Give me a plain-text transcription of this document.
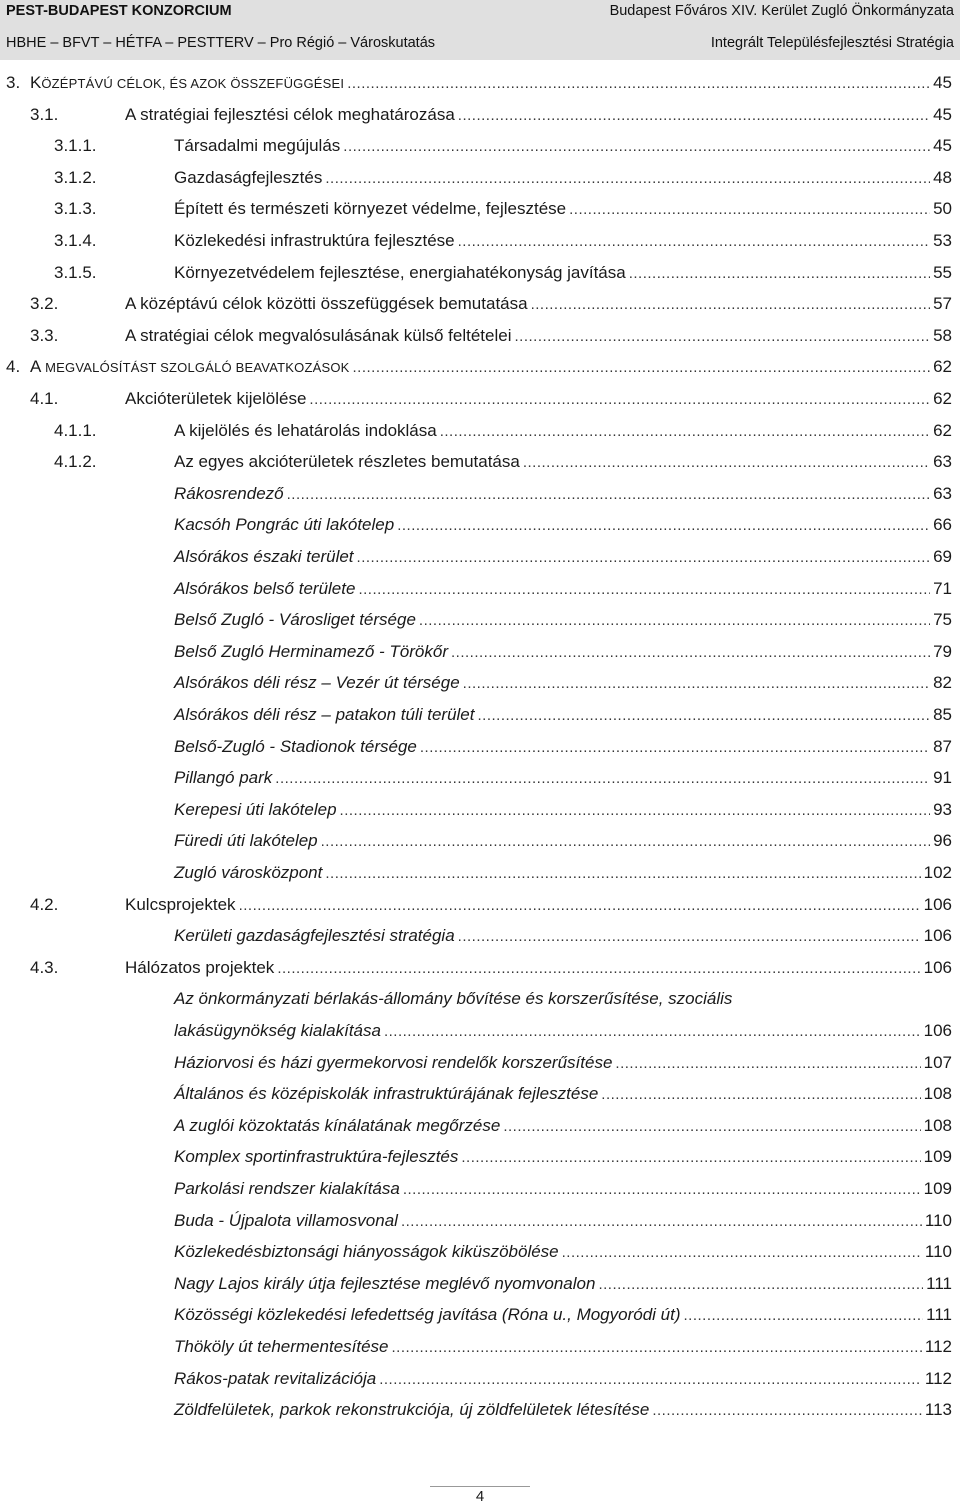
PEST-BUDAPEST KONZORCIUM	Budapest Főváros XIV. Kerület Zugló Önkormányzata
HBHE – BFVT – HÉTFA – PESTTERV – Pro Régió – Városkutatás	Integrált Településfejlesztési Stratégia
3. KÖZÉPTÁVÚ CÉLOK, ÉS AZOK ÖSSZEFÜGGÉSEI .....	45
3.1.	A stratégiai fejlesztési célok meghatározása .....	45
3.1.1.	Társadalmi megújulás .....	45
3.1.2.	Gazdaságfejlesztés .....	48
3.1.3.	Épített és természeti környezet védelme, fejlesztése .....	50
3.1.4.	Közlekedési infrastruktúra fejlesztése .....	53
3.1.5.	Környezetvédelem fejlesztése, energiahatékonyság javítása .....	55
3.2.	A középtávú célok közötti összefüggések bemutatása .....	57
3.3.	A stratégiai célok megvalósulásának külső feltételei .....	58
4. A MEGVALÓSÍTÁST SZOLGÁLÓ BEAVATKOZÁSOK .....	62
4.1.	Akcióterületek kijelölése .....	62
4.1.1.	A kijelölés és lehatárolás indoklása .....	62
4.1.2.	Az egyes akcióterületek részletes bemutatása .....	63
Rákosrendező .....	63
Kacsóh Pongrác úti lakótelep .....	66
Alsórákos északi terület .....	69
Alsórákos belső területe .....	71
Belső Zugló - Városliget térsége .....	75
Belső Zugló Herminamező - Törökőr .....	79
Alsórákos déli rész – Vezér út térsége .....	82
Alsórákos déli rész – patakon túli terület .....	85
Belső-Zugló - Stadionok térsége .....	87
Pillangó park .....	91
Kerepesi úti lakótelep .....	93
Füredi úti lakótelep .....	96
Zugló városközpont .....	102
4.2.	Kulcsprojektek .....	106
Kerületi gazdaságfejlesztési stratégia .....	106
4.3.	Hálózatos projektek .....	106
Az önkormányzati bérlakás-állomány bővítése és korszerűsítése, szociális
lakásügynökség kialakítása .....	106
Háziorvosi és házi gyermekorvosi rendelők korszerűsítése .....	107
Általános és középiskolák infrastruktúrájának fejlesztése .....	108
A zuglói közoktatás kínálatának megőrzése .....	108
Komplex sportinfrastruktúra-fejlesztés .....	109
Parkolási rendszer kialakítása .....	109
Buda - Újpalota villamosvonal .....	110
Közlekedésbiztonsági hiányosságok kiküszöbölése .....	110
Nagy Lajos király útja fejlesztése meglévő nyomvonalon .....	111
Közösségi közlekedési lefedettség javítása (Róna u., Mogyoródi út) .....	111
Thököly út tehermentesítése .....	112
Rákos-patak revitalizációja .....	112
Zöldfelületek, parkok rekonstrukciója, új zöldfelületek létesítése .....	113
4
